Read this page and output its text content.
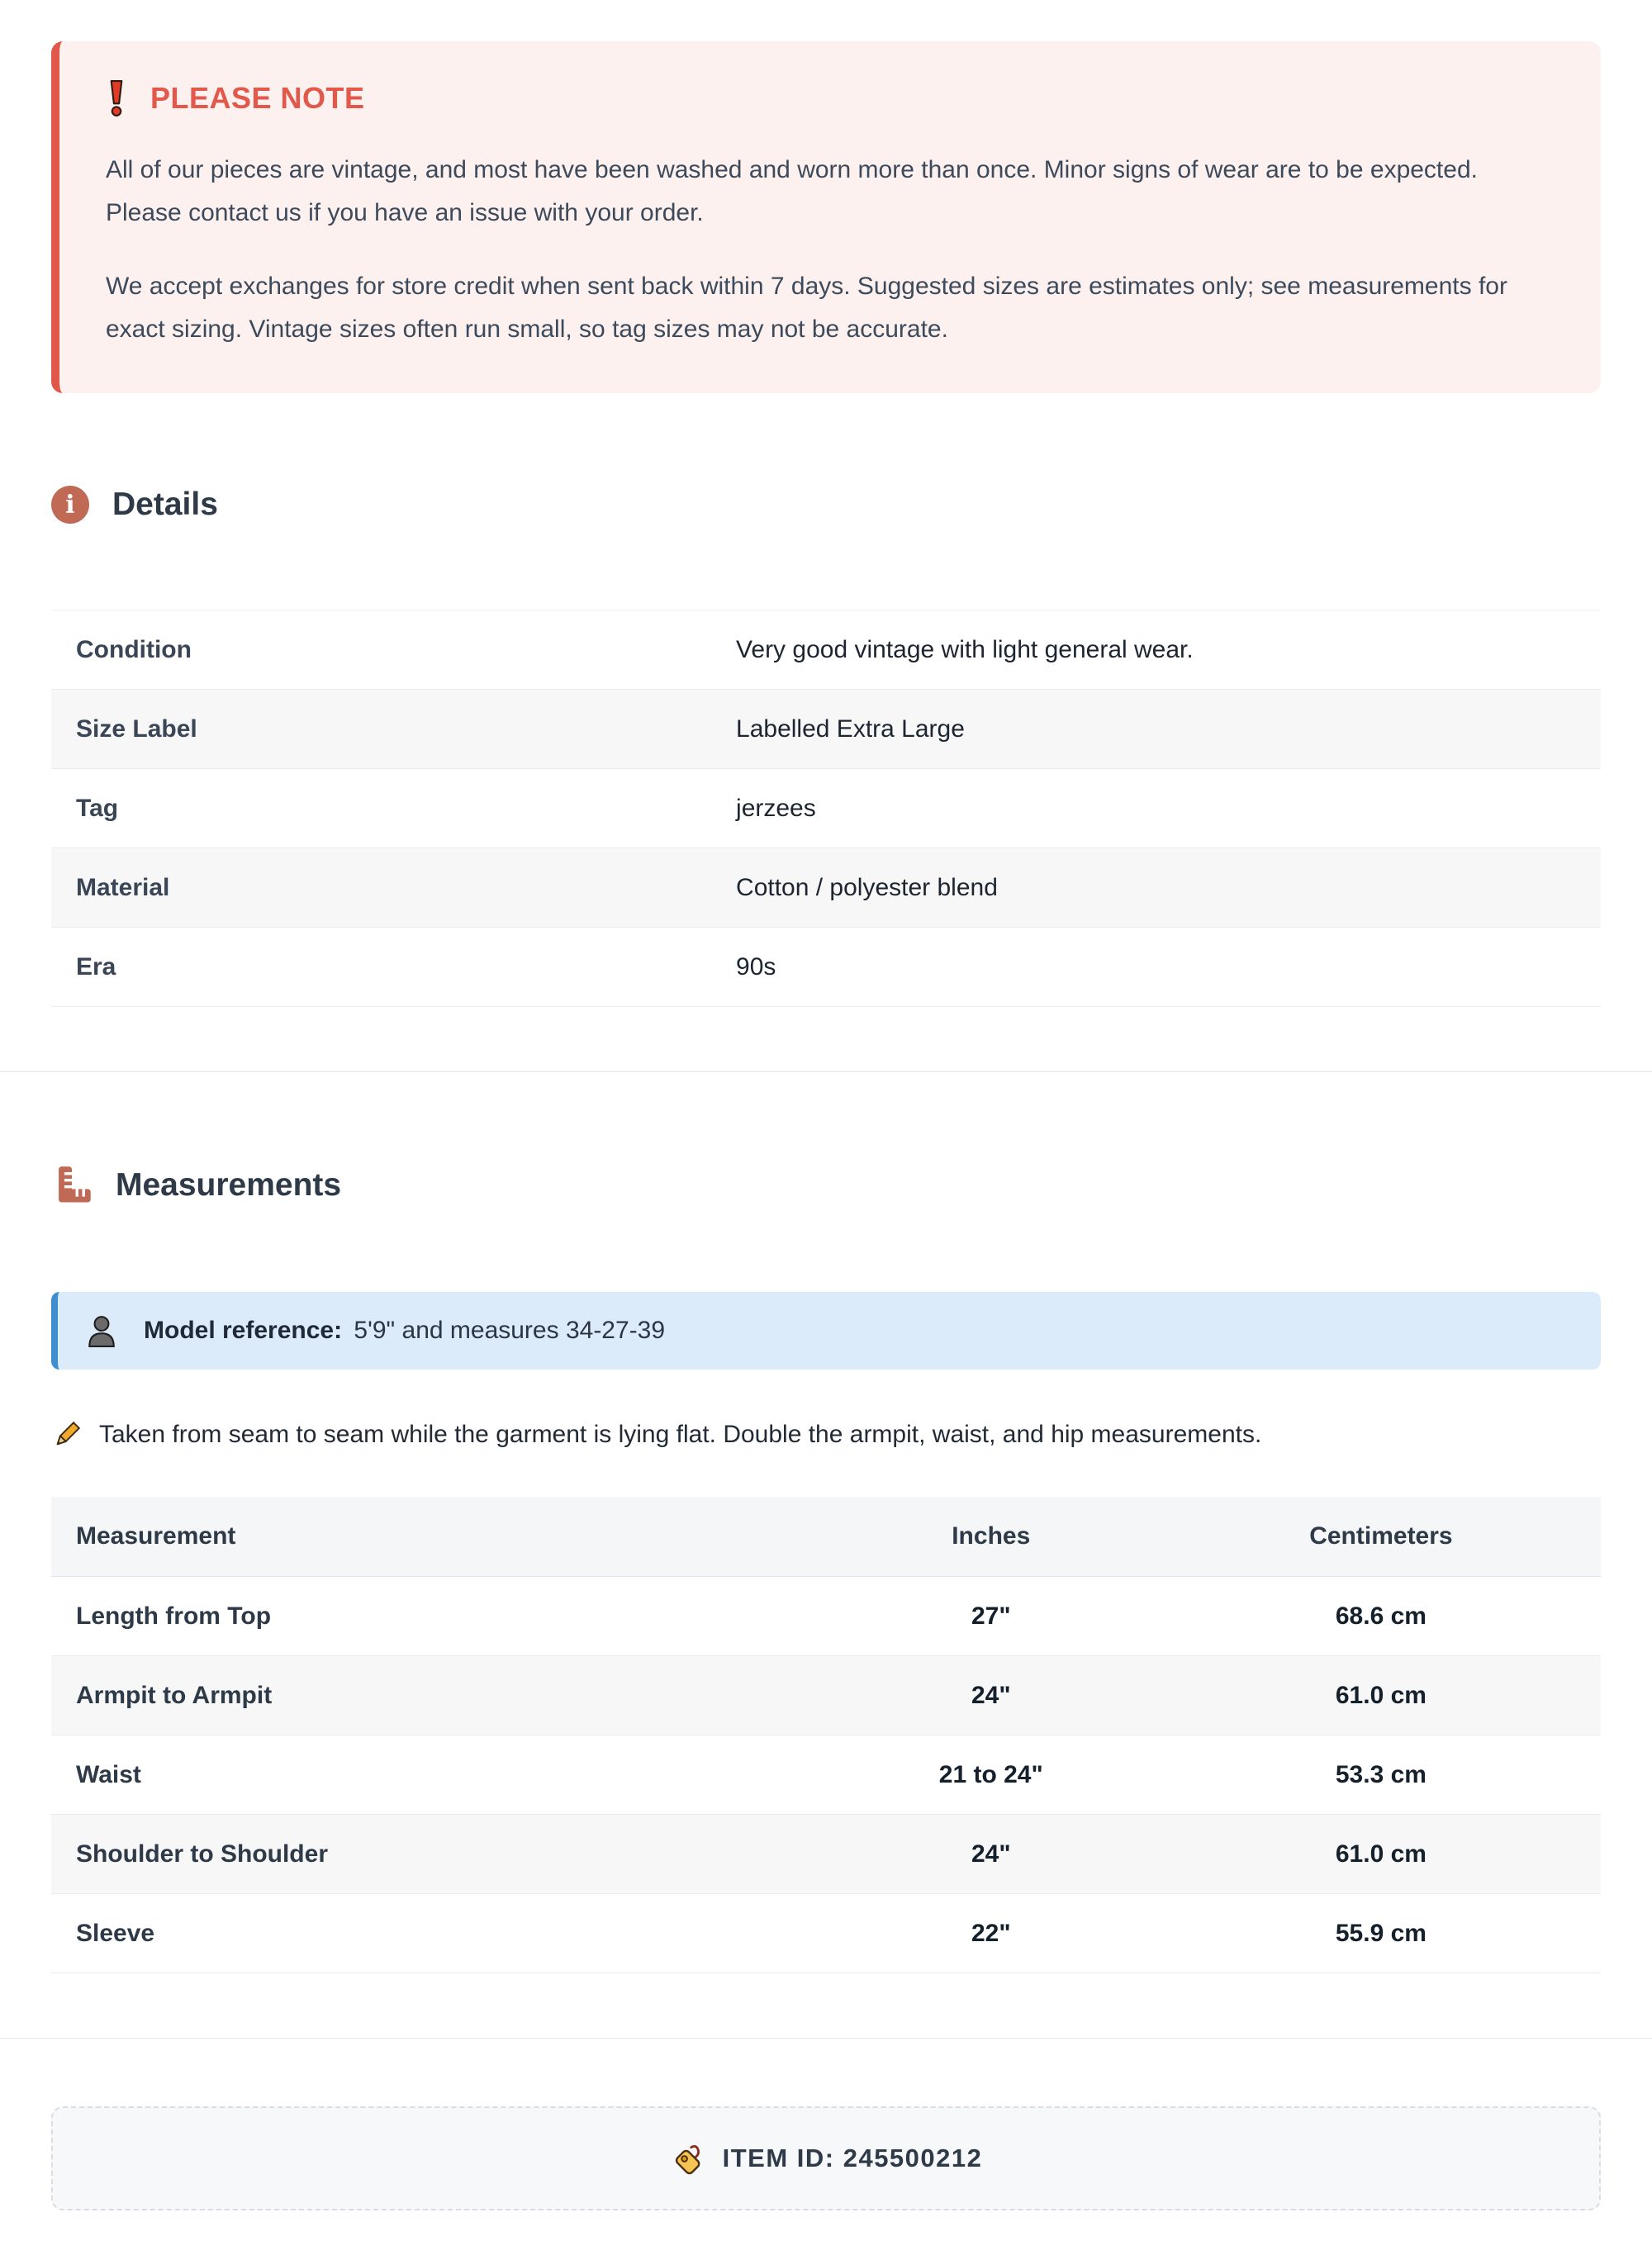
PLEASE NOTE

All of our pieces are vintage, and most have been washed and worn more than once. Minor signs of wear are to be expected. Please contact us if you have an issue with your order.

We accept exchanges for store credit when sent back within 7 days. Suggested sizes are estimates only; see measurements for exact sizing. Vintage sizes often run small, so tag sizes may not be accurate.

i Details
Condition	Very good vintage with light general wear.
Size Label	Labelled Extra Large
Tag	jerzees
Material	Cotton / polyester blend
Era	90s
Measurements
Model reference: 5'9" and measures 34-27-39
Taken from seam to seam while the garment is lying flat. Double the armpit, waist, and hip measurements.
Measurement	Inches	Centimeters
Length from Top	27"	68.6 cm
Armpit to Armpit	24"	61.0 cm
Waist	21 to 24"	53.3 cm
Shoulder to Shoulder	24"	61.0 cm
Sleeve	22"	55.9 cm
ITEM ID: 245500212
